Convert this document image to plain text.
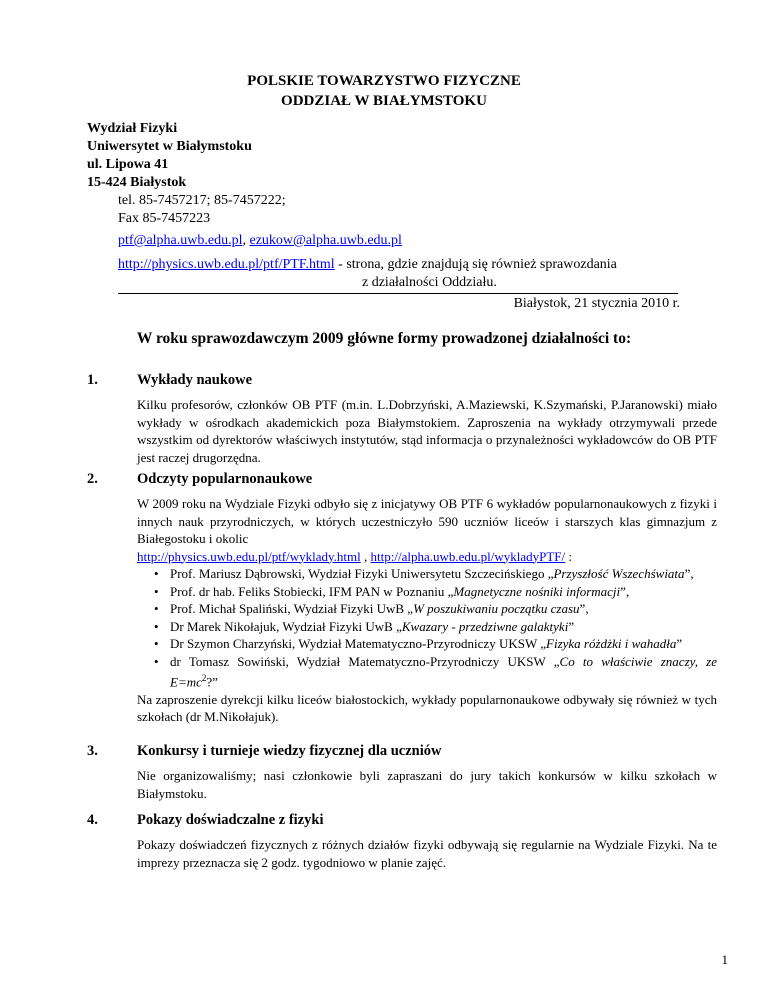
POLSKIE TOWARZYSTWO FIZYCZNE
ODDZIAŁ W BIAŁYMSTOKU
Wydział Fizyki
Uniwersytet w Białymstoku
ul. Lipowa 41
15-424 Białystok
tel. 85-7457217; 85-7457222;
Fax 85-7457223
ptf@alpha.uwb.edu.pl, ezukow@alpha.uwb.edu.pl
http://physics.uwb.edu.pl/ptf/PTF.html - strona, gdzie znajdują się również sprawozdania
z działalności Oddziału.
Białystok, 21 stycznia 2010 r.
W roku sprawozdawczym 2009 główne formy prowadzonej działalności to:
1.	Wykłady naukowe

Kilku profesorów, członków OB PTF (m.in. L.Dobrzyński, A.Maziewski, K.Szymański, P.Jaranowski) miało wykłady w ośrodkach akademickich poza Białymstokiem. Zaproszenia na wykłady otrzymywali przede wszystkim od dyrektorów właściwych instytutów, stąd informacja o przynależności wykładowców do OB PTF jest raczej drugorzędna.

2.	Odczyty popularnonaukowe

W 2009 roku na Wydziale Fizyki odbyło się z inicjatywy OB PTF 6 wykładów popularnonaukowych z fizyki i innych nauk przyrodniczych, w których uczestniczyło 590 uczniów liceów i starszych klas gimnazjum z Białegostoku i okolic

http://physics.uwb.edu.pl/ptf/wyklady.html , http://alpha.uwb.edu.pl/wykladyPTF/ :

• Prof. Mariusz Dąbrowski, Wydział Fizyki Uniwersytetu Szczecińskiego „Przyszłość Wszechświata”,
• Prof. dr hab. Feliks Stobiecki, IFM PAN w Poznaniu „Magnetyczne nośniki informacji”,
• Prof. Michał Spaliński, Wydział Fizyki UwB „W poszukiwaniu początku czasu”,
• Dr Marek Nikołajuk, Wydział Fizyki UwB „Kwazary - przedziwne galaktyki”
• Dr Szymon Charzyński, Wydział Matematyczno-Przyrodniczy UKSW „Fizyka różdżki i wahadła”
• dr Tomasz Sowiński, Wydział Matematyczno-Przyrodniczy UKSW „Co to właściwie znaczy, ze $E=mc^2$?”

Na zaproszenie dyrekcji kilku liceów białostockich, wykłady popularnonaukowe odbywały się również w tych szkołach (dr M.Nikołajuk).

3.	Konkursy i turnieje wiedzy fizycznej dla uczniów

Nie organizowaliśmy; nasi członkowie byli zapraszani do jury takich konkursów w kilku szkołach w Białymstoku.

4.	Pokazy doświadczalne z fizyki

Pokazy doświadczeń fizycznych z różnych działów fizyki odbywają się regularnie na Wydziale Fizyki. Na te imprezy przeznacza się 2 godz. tygodniowo w planie zajęć.

1
